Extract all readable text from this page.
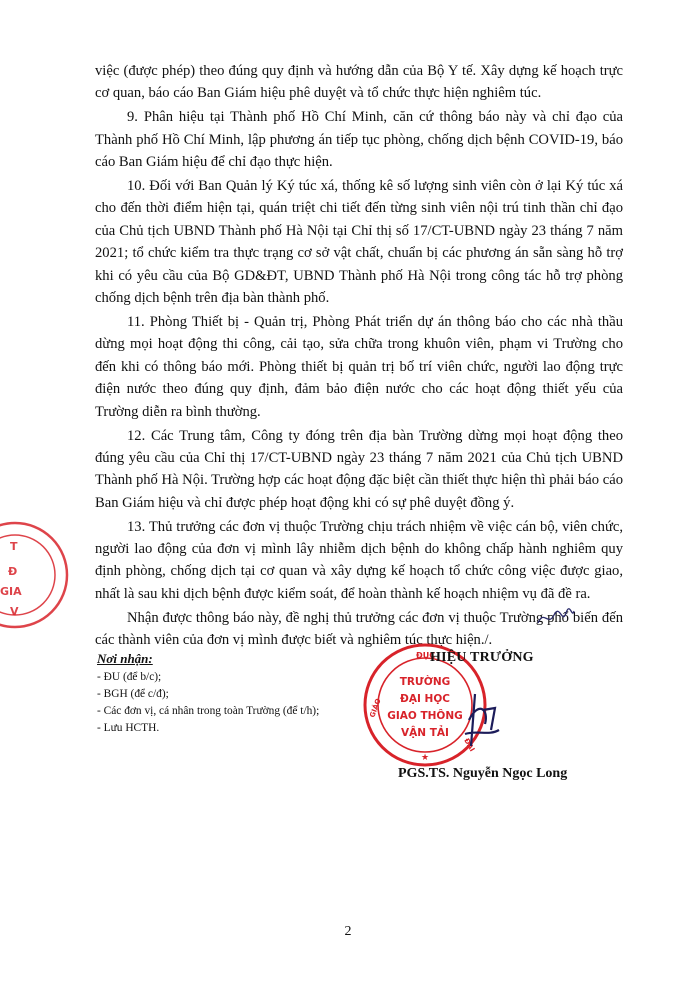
việc (được phép) theo đúng quy định và hướng dẫn của Bộ Y tế. Xây dựng kế hoạch trực cơ quan, báo cáo Ban Giám hiệu phê duyệt và tổ chức thực hiện nghiêm túc.

9. Phân hiệu tại Thành phố Hồ Chí Minh, căn cứ thông báo này và chỉ đạo của Thành phố Hồ Chí Minh, lập phương án tiếp tục phòng, chống dịch bệnh COVID-19, báo cáo Ban Giám hiệu để chỉ đạo thực hiện.

10. Đối với Ban Quản lý Ký túc xá, thống kê số lượng sinh viên còn ở lại Ký túc xá cho đến thời điểm hiện tại, quán triệt chi tiết đến từng sinh viên nội trú tinh thần chỉ đạo của Chủ tịch UBND Thành phố Hà Nội tại Chỉ thị số 17/CT-UBND ngày 23 tháng 7 năm 2021; tổ chức kiểm tra thực trạng cơ sở vật chất, chuẩn bị các phương án sẵn sàng hỗ trợ khi có yêu cầu của Bộ GD&ĐT, UBND Thành phố Hà Nội trong công tác hỗ trợ phòng chống dịch bệnh trên địa bàn thành phố.

11. Phòng Thiết bị - Quản trị, Phòng Phát triển dự án thông báo cho các nhà thầu dừng mọi hoạt động thi công, cải tạo, sửa chữa trong khuôn viên, phạm vi Trường cho đến khi có thông báo mới. Phòng thiết bị quản trị bố trí viên chức, người lao động trực điện nước theo đúng quy định, đảm bảo điện nước cho các hoạt động thiết yếu của Trường diễn ra bình thường.

12. Các Trung tâm, Công ty đóng trên địa bàn Trường dừng mọi hoạt động theo đúng yêu cầu của Chỉ thị 17/CT-UBND ngày 23 tháng 7 năm 2021 của Chủ tịch UBND Thành phố Hà Nội. Trường hợp các hoạt động đặc biệt cần thiết thực hiện thì phải báo cáo Ban Giám hiệu và chỉ được phép hoạt động khi có sự phê duyệt đồng ý.

13. Thủ trưởng các đơn vị thuộc Trường chịu trách nhiệm về việc cán bộ, viên chức, người lao động của đơn vị mình lây nhiễm dịch bệnh do không chấp hành nghiêm quy định phòng, chống dịch tại cơ quan và xây dựng kế hoạch tổ chức công việc được giao, nhất là sau khi dịch bệnh được kiểm soát, để hoàn thành kế hoạch nhiệm vụ đã đề ra.

Nhận được thông báo này, đề nghị thủ trưởng các đơn vị thuộc Trường phổ biến đến các thành viên của đơn vị mình được biết và nghiêm túc thực hiện./.

T
Đ
GIA
V
Nơi nhận:
- ĐU (để b/c);
- BGH (để c/đ);
- Các đơn vị, cá nhân trong toàn Trường (để t/h);
- Lưu HCTH.
ĐỤC
GIÁO
ĐẠI
★
TRƯỜNG
ĐẠI HỌC
GIAO THÔNG
VẬN TẢI
HIỆU TRƯỞNG
PGS.TS. Nguyễn Ngọc Long
2
